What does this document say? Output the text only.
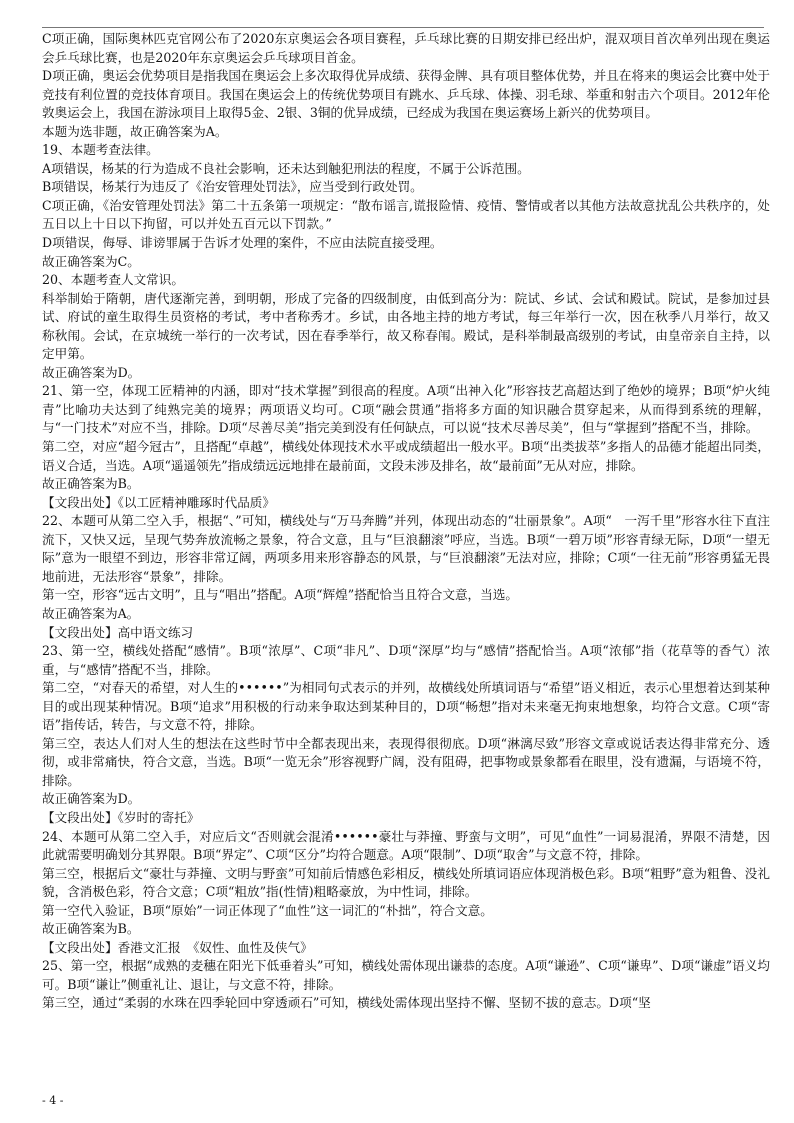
C项正确，国际奥林匹克官网公布了2020东京奥运会各项目赛程，乒乓球比赛的日期安排已经出炉，混双项目首次单列出现在奥运会乒乓球比赛，也是2020年东京奥运会乒乓球项目首金。

D项正确，奥运会优势项目是指我国在奥运会上多次取得优异成绩、获得金牌、具有项目整体优势，并且在将来的奥运会比赛中处于竞技有利位置的竞技体育项目。我国在奥运会上的传统优势项目有跳水、乒乓球、体操、羽毛球、举重和射击六个项目。2012年伦敦奥运会上，我国在游泳项目上取得5金、2银、3铜的优异成绩，已经成为我国在奥运赛场上新兴的优势项目。

本题为选非题，故正确答案为A。

19、本题考查法律。

A项错误，杨某的行为造成不良社会影响，还未达到触犯刑法的程度，不属于公诉范围。

B项错误，杨某行为违反了《治安管理处罚法》，应当受到行政处罚。

C项正确，《治安管理处罚法》第二十五条第一项规定：“散布谣言,谎报险情、疫情、警情或者以其他方法故意扰乱公共秩序的，处五日以上十日以下拘留，可以并处五百元以下罚款。”

D项错误，侮辱、诽谤罪属于告诉才处理的案件，不应由法院直接受理。

故正确答案为C。

20、本题考查人文常识。

科举制始于隋朝，唐代逐渐完善，到明朝，形成了完备的四级制度，由低到高分为：院试、乡试、会试和殿试。院试，是参加过县试、府试的童生取得生员资格的考试，考中者称秀才。乡试，由各地主持的地方考试，每三年举行一次，因在秋季八月举行，故又称秋闱。会试，在京城统一举行的一次考试，因在春季举行，故又称春闱。殿试，是科举制最高级别的考试，由皇帝亲自主持，以定甲第。

故正确答案为D。

21、第一空，体现工匠精神的内涵，即对“技术掌握”到很高的程度。A项“出神入化”形容技艺高超达到了绝妙的境界；B项“炉火纯青”比喻功夫达到了纯熟完美的境界；两项语义均可。C项“融会贯通”指将多方面的知识融合贯穿起来，从而得到系统的理解，与“一门技术”对应不当，排除。D项“尽善尽美”指完美到没有任何缺点，可以说“技术尽善尽美”，但与“掌握到”搭配不当，排除。

第二空，对应“超今冠古”，且搭配“卓越”，横线处体现技术水平或成绩超出一般水平。B项“出类拔萃”多指人的品德才能超出同类，语义合适，当选。A项“遥遥领先”指成绩远远地排在最前面，文段未涉及排名，故“最前面”无从对应，排除。

故正确答案为B。

【文段出处】《以工匠精神雕琢时代品质》

22、本题可从第二空入手，根据“、”可知，横线处与“万马奔腾”并列，体现出动态的“壮丽景象”。A项“　一泻千里”形容水往下直注流下，又快又远，呈现气势奔放流畅之景象，符合文意，且与“巨浪翻滚”呼应，当选。B项“一碧万顷”形容青绿无际，D项“一望无际”意为一眼望不到边，形容非常辽阔，两项多用来形容静态的风景，与“巨浪翻滚”无法对应，排除；C项“一往无前”形容勇猛无畏地前进，无法形容“景象”，排除。

第一空，形容“远古文明”，且与“唱出”搭配。A项“辉煌”搭配恰当且符合文意，当选。

故正确答案为A。

【文段出处】高中语文练习

23、第一空，横线处搭配“感情”。B项“浓厚”、C项“非凡”、D项“深厚”均与“感情”搭配恰当。A项“浓郁”指（花草等的香气）浓重，与“感情”搭配不当，排除。

第二空，“对春天的希望，对人生的••••••”为相同句式表示的并列，故横线处所填词语与“希望”语义相近，表示心里想着达到某种目的或出现某种情况。B项“追求”用积极的行动来争取达到某种目的，D项“畅想”指对未来毫无拘束地想象，均符合文意。C项“寄语”指传话，转告，与文意不符，排除。

第三空，表达人们对人生的想法在这些时节中全都表现出来，表现得很彻底。D项“淋漓尽致”形容文章或说话表达得非常充分、透彻，或非常痛快，符合文意，当选。B项“一览无余”形容视野广阔，没有阻碍，把事物或景象都看在眼里，没有遗漏，与语境不符，排除。

故正确答案为D。

【文段出处】《岁时的寄托》

24、本题可从第二空入手，对应后文“否则就会混淆••••••豪壮与莽撞、野蛮与文明”，可见“血性”一词易混淆，界限不清楚，因此就需要明确划分其界限。B项“界定”、C项“区分”均符合题意。A项“限制”、D项“取舍”与文意不符，排除。

第三空，根据后文“豪壮与莽撞、文明与野蛮”可知前后情感色彩相反，横线处所填词语应体现消极色彩。B项“粗野”意为粗鲁、没礼貌，含消极色彩，符合文意；C项“粗放”指(性情)粗略豪放，为中性词，排除。

第一空代入验证，B项“原始”一词正体现了“血性”这一词汇的“朴拙”，符合文意。

故正确答案为B。

【文段出处】香港文汇报　《奴性、血性及侠气》

25、第一空，根据“成熟的麦穗在阳光下低垂着头”可知，横线处需体现出谦恭的态度。A项“谦逊”、C项“谦卑”、D项“谦虚”语义均可。B项“谦让”侧重礼让、退让，与文意不符，排除。

第三空，通过“柔弱的水珠在四季轮回中穿透顽石”可知，横线处需体现出坚持不懈、坚韧不拔的意志。D项“坚

- 4 -
